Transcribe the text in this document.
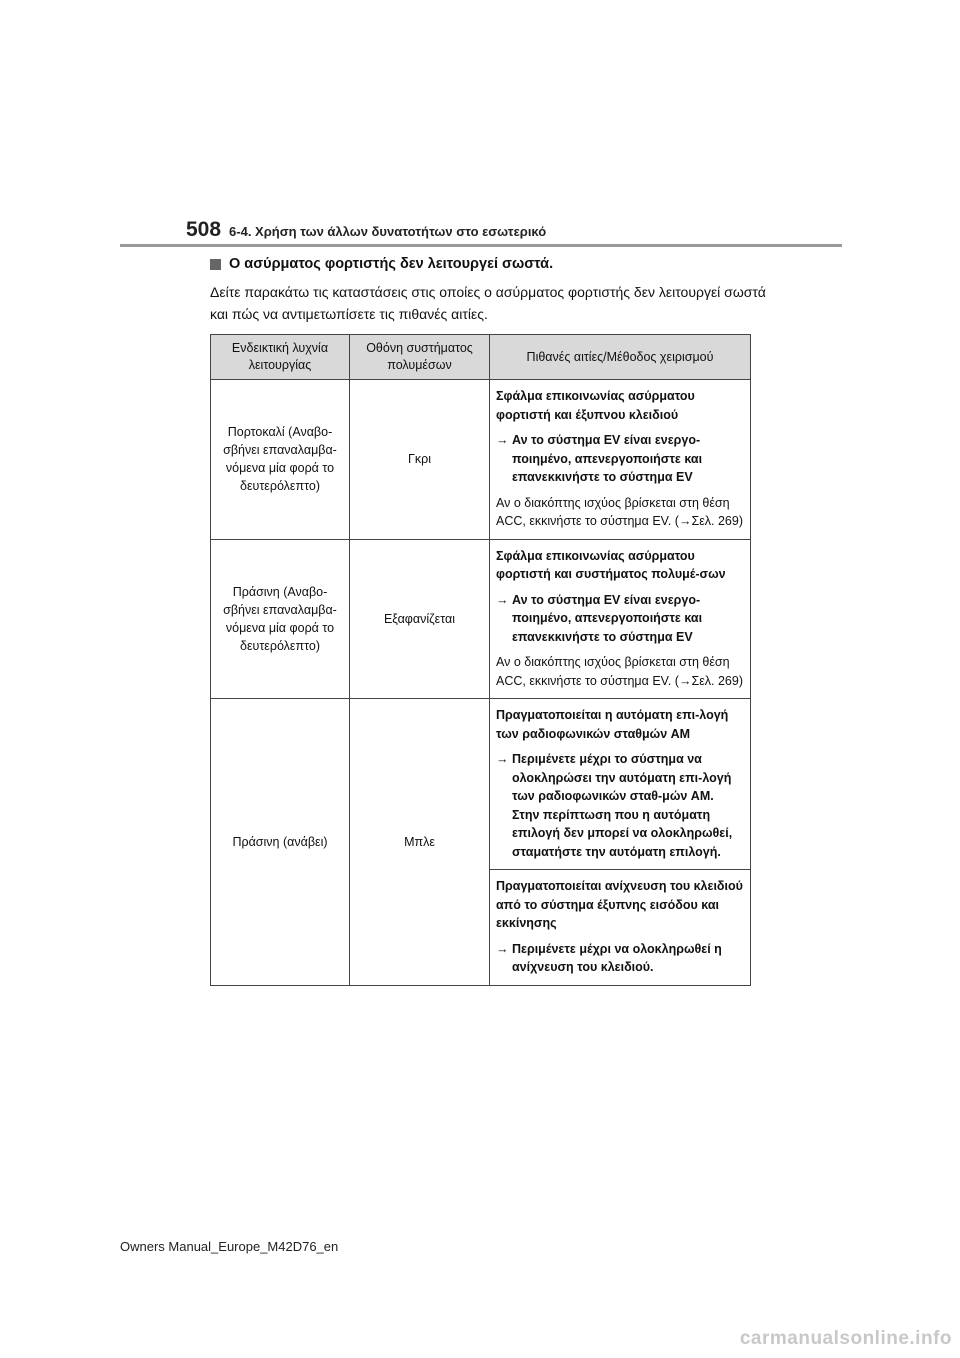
508 6-4. Χρήση των άλλων δυνατοτήτων στο εσωτερικό
Ο ασύρματος φορτιστής δεν λειτουργεί σωστά.
Δείτε παρακάτω τις καταστάσεις στις οποίες ο ασύρματος φορτιστής δεν λειτουργεί σωστά και πώς να αντιμετωπίσετε τις πιθανές αιτίες.
Ενδεικτική λυχνία λειτουργίας	Οθόνη συστήματος πολυμέσων	Πιθανές αιτίες/Μέθοδος χειρισμού
Πορτοκαλί (Αναβο-σβήνει επαναλαμβα-νόμενα μία φορά το δευτερόλεπτο)	Γκρι	Σφάλμα επικοινωνίας ασύρματου φορτιστή και έξυπνου κλειδιού
→ Αν το σύστημα EV είναι ενεργο-ποιημένο, απενεργοποιήστε και επανεκκινήστε το σύστημα EV
Αν ο διακόπτης ισχύος βρίσκεται στη θέση ACC, εκκινήστε το σύστημα EV. (→Σελ. 269)

Πράσινη (Αναβο-σβήνει επαναλαμβα-νόμενα μία φορά το δευτερόλεπτο)	Εξαφανίζεται	Σφάλμα επικοινωνίας ασύρματου φορτιστή και συστήματος πολυμέ-σων
→ Αν το σύστημα EV είναι ενεργο-ποιημένο, απενεργοποιήστε και επανεκκινήστε το σύστημα EV
Αν ο διακόπτης ισχύος βρίσκεται στη θέση ACC, εκκινήστε το σύστημα EV. (→Σελ. 269)

Πράσινη (ανάβει)	Μπλε	Πραγματοποιείται η αυτόματη επι-λογή των ραδιοφωνικών σταθμών AM
→ Περιμένετε μέχρι το σύστημα να ολοκληρώσει την αυτόματη επι-λογή των ραδιοφωνικών σταθ-μών AM. Στην περίπτωση που η αυτόματη επιλογή δεν μπορεί να ολοκληρωθεί, σταματήστε την αυτόματη επιλογή.

		Πραγματοποιείται ανίχνευση του κλειδιού από το σύστημα έξυπνης εισόδου και εκκίνησης
→ Περιμένετε μέχρι να ολοκληρωθεί η ανίχνευση του κλειδιού.
Owners Manual_Europe_M42D76_en
carmanualsonline.info
